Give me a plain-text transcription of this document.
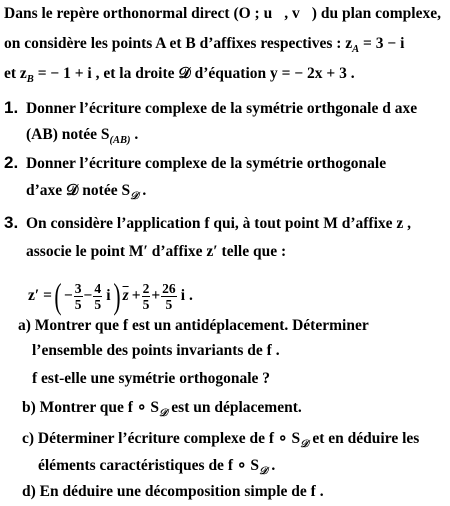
Dans le repère orthonormal direct (O ; u⃗, v⃗) du plan complexe,
on considère les points A et B d’affixes respectives : $z_A = 3 - i$
et $z_B$ = − 1 + i , et la droite 𝒟 d’équation y = − 2x + 3 .
1. Donner l’écriture complexe de la symétrie orthgonale d axe
(AB) notée $S_{(AB)}$ .
2. Donner l’écriture complexe de la symétrie orthogonale
d’axe 𝒟 notée $S_𝒟$ .
3. On considère l’application f qui, à tout point M d’affixe z ,
associe le point M′ d’affixe z′ telle que :
z′ =( − $\frac{3}{5} - \frac{4}{5}$
  i) $\overline{z} + \frac{2}{5} + \frac{26}{5}$
  i .
a) Montrer que f est un antidéplacement. Déterminer
l’ensemble des points invariants de f .
f est-elle une symétrie orthogonale ?
b) Montrer que f ∘ $S_𝒟$ est un déplacement.
c) Déterminer l’écriture complexe de f ∘ $S_𝒟$ et en déduire les
éléments caractéristiques de f ∘ $S_𝒟$ .
d) En déduire une décomposition simple de f .
